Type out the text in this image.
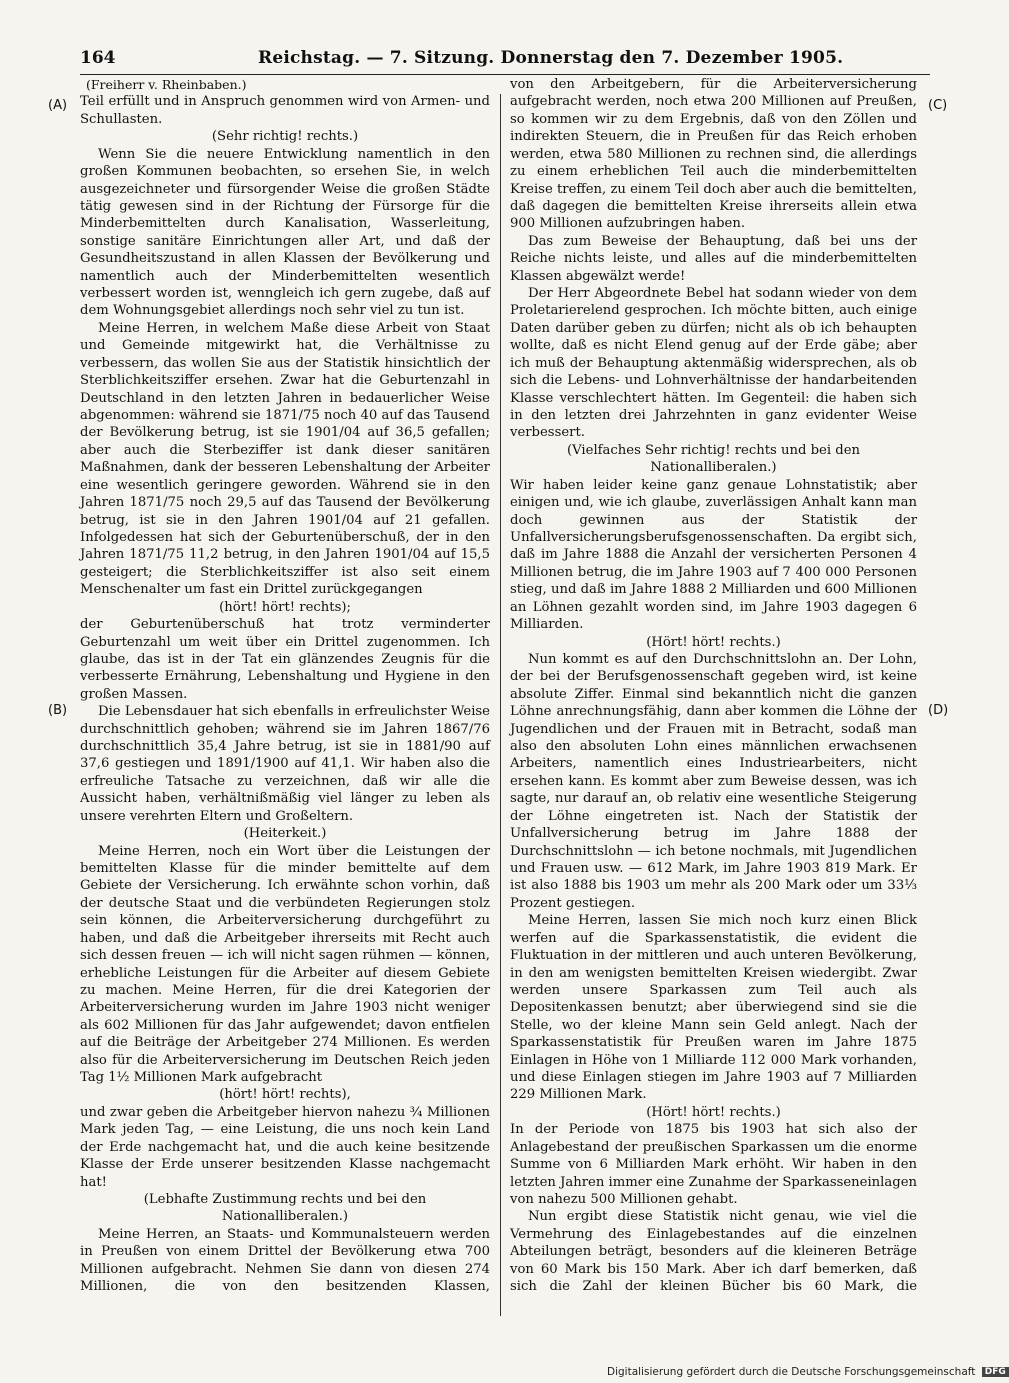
164	Reichstag. — 7. Sitzung. Donnerstag den 7. Dezember 1905.
(A)
(B)
(C)
(D)

(Freiherr v. Rheinbaben.)

Teil erfüllt und in Anspruch genommen wird von Armen- und Schullasten.

(Sehr richtig! rechts.)

Wenn Sie die neuere Entwicklung namentlich in den großen Kommunen beobachten, so ersehen Sie, in welch ausgezeichneter und fürsorgender Weise die großen Städte tätig gewesen sind in der Richtung der Fürsorge für die Minderbemittelten durch Kanalisation, Wasserleitung, sonstige sanitäre Einrichtungen aller Art, und daß der Gesundheitszustand in allen Klassen der Bevölkerung und namentlich auch der Minderbemittelten wesentlich verbessert worden ist, wenngleich ich gern zugebe, daß auf dem Wohnungsgebiet allerdings noch sehr viel zu tun ist.

Meine Herren, in welchem Maße diese Arbeit von Staat und Gemeinde mitgewirkt hat, die Verhältnisse zu verbessern, das wollen Sie aus der Statistik hinsichtlich der Sterblichkeitsziffer ersehen. Zwar hat die Geburtenzahl in Deutschland in den letzten Jahren in bedauerlicher Weise abgenommen: während sie 1871/75 noch 40 auf das Tausend der Bevölkerung betrug, ist sie 1901/04 auf 36,5 gefallen; aber auch die Sterbeziffer ist dank dieser sanitären Maßnahmen, dank der besseren Lebenshaltung der Arbeiter eine wesentlich geringere geworden. Während sie in den Jahren 1871/75 noch 29,5 auf das Tausend der Bevölkerung betrug, ist sie in den Jahren 1901/04 auf 21 gefallen. Infolgedessen hat sich der Geburtenüberschuß, der in den Jahren 1871/75 11,2 betrug, in den Jahren 1901/04 auf 15,5 gesteigert; die Sterblichkeitsziffer ist also seit einem Menschenalter um fast ein Drittel zurückgegangen

(hört! hört! rechts);

der Geburtenüberschuß hat trotz verminderter Geburtenzahl um weit über ein Drittel zugenommen. Ich glaube, das ist in der Tat ein glänzendes Zeugnis für die verbesserte Ernährung, Lebenshaltung und Hygiene in den großen Massen.

Die Lebensdauer hat sich ebenfalls in erfreulichster Weise durchschnittlich gehoben; während sie im Jahren 1867/76 durchschnittlich 35,4 Jahre betrug, ist sie in 1881/90 auf 37,6 gestiegen und 1891/1900 auf 41,1. Wir haben also die erfreuliche Tatsache zu verzeichnen, daß wir alle die Aussicht haben, verhältnißmäßig viel länger zu leben als unsere verehrten Eltern und Großeltern.

(Heiterkeit.)

Meine Herren, noch ein Wort über die Leistungen der bemittelten Klasse für die minder bemittelte auf dem Gebiete der Versicherung. Ich erwähnte schon vorhin, daß der deutsche Staat und die verbündeten Regierungen stolz sein können, die Arbeiterversicherung durchgeführt zu haben, und daß die Arbeitgeber ihrerseits mit Recht auch sich dessen freuen — ich will nicht sagen rühmen — können, erhebliche Leistungen für die Arbeiter auf diesem Gebiete zu machen. Meine Herren, für die drei Kategorien der Arbeiterversicherung wurden im Jahre 1903 nicht weniger als 602 Millionen für das Jahr aufgewendet; davon entfielen auf die Beiträge der Arbeitgeber 274 Millionen. Es werden also für die Arbeiterversicherung im Deutschen Reich jeden Tag 1½ Millionen Mark aufgebracht

(hört! hört! rechts),

und zwar geben die Arbeitgeber hiervon nahezu ¾ Millionen Mark jeden Tag, — eine Leistung, die uns noch kein Land der Erde nachgemacht hat, und die auch keine besitzende Klasse der Erde unserer besitzenden Klasse nachgemacht hat!

(Lebhafte Zustimmung rechts und bei den Nationalliberalen.)

Meine Herren, an Staats- und Kommunalsteuern werden in Preußen von einem Drittel der Bevölkerung etwa 700 Millionen aufgebracht. Nehmen Sie dann von diesen 274 Millionen, die von den besitzenden Klassen,

von den Arbeitgebern, für die Arbeiterversicherung aufgebracht werden, noch etwa 200 Millionen auf Preußen, so kommen wir zu dem Ergebnis, daß von den Zöllen und indirekten Steuern, die in Preußen für das Reich erhoben werden, etwa 580 Millionen zu rechnen sind, die allerdings zu einem erheblichen Teil auch die minderbemittelten Kreise treffen, zu einem Teil doch aber auch die bemittelten, daß dagegen die bemittelten Kreise ihrerseits allein etwa 900 Millionen aufzubringen haben.

Das zum Beweise der Behauptung, daß bei uns der Reiche nichts leiste, und alles auf die minderbemittelten Klassen abgewälzt werde!

Der Herr Abgeordnete Bebel hat sodann wieder von dem Proletarierelend gesprochen. Ich möchte bitten, auch einige Daten darüber geben zu dürfen; nicht als ob ich behaupten wollte, daß es nicht Elend genug auf der Erde gäbe; aber ich muß der Behauptung aktenmäßig widersprechen, als ob sich die Lebens- und Lohnverhältnisse der handarbeitenden Klasse verschlechtert hätten. Im Gegenteil: die haben sich in den letzten drei Jahrzehnten in ganz evidenter Weise verbessert.

(Vielfaches Sehr richtig! rechts und bei den Nationalliberalen.)

Wir haben leider keine ganz genaue Lohnstatistik; aber einigen und, wie ich glaube, zuverlässigen Anhalt kann man doch gewinnen aus der Statistik der Unfallversicherungsberufsgenossenschaften. Da ergibt sich, daß im Jahre 1888 die Anzahl der versicherten Personen 4 Millionen betrug, die im Jahre 1903 auf 7 400 000 Personen stieg, und daß im Jahre 1888 2 Milliarden und 600 Millionen an Löhnen gezahlt worden sind, im Jahre 1903 dagegen 6 Milliarden.

(Hört! hört! rechts.)

Nun kommt es auf den Durchschnittslohn an. Der Lohn, der bei der Berufsgenossenschaft gegeben wird, ist keine absolute Ziffer. Einmal sind bekanntlich nicht die ganzen Löhne anrechnungsfähig, dann aber kommen die Löhne der Jugendlichen und der Frauen mit in Betracht, sodaß man also den absoluten Lohn eines männlichen erwachsenen Arbeiters, namentlich eines Industriearbeiters, nicht ersehen kann. Es kommt aber zum Beweise dessen, was ich sagte, nur darauf an, ob relativ eine wesentliche Steigerung der Löhne eingetreten ist. Nach der Statistik der Unfallversicherung betrug im Jahre 1888 der Durchschnittslohn — ich betone nochmals, mit Jugendlichen und Frauen usw. — 612 Mark, im Jahre 1903 819 Mark. Er ist also 1888 bis 1903 um mehr als 200 Mark oder um 33⅓ Prozent gestiegen.

Meine Herren, lassen Sie mich noch kurz einen Blick werfen auf die Sparkassenstatistik, die evident die Fluktuation in der mittleren und auch unteren Bevölkerung, in den am wenigsten bemittelten Kreisen wiedergibt. Zwar werden unsere Sparkassen zum Teil auch als Depositenkassen benutzt; aber überwiegend sind sie die Stelle, wo der kleine Mann sein Geld anlegt. Nach der Sparkassenstatistik für Preußen waren im Jahre 1875 Einlagen in Höhe von 1 Milliarde 112 000 Mark vorhanden, und diese Einlagen stiegen im Jahre 1903 auf 7 Milliarden 229 Millionen Mark.

(Hört! hört! rechts.)

In der Periode von 1875 bis 1903 hat sich also der Anlagebestand der preußischen Sparkassen um die enorme Summe von 6 Milliarden Mark erhöht. Wir haben in den letzten Jahren immer eine Zunahme der Sparkasseneinlagen von nahezu 500 Millionen gehabt.

Nun ergibt diese Statistik nicht genau, wie viel die Vermehrung des Einlagebestandes auf die einzelnen Abteilungen beträgt, besonders auf die kleineren Beträge von 60 Mark bis 150 Mark. Aber ich darf bemerken, daß sich die Zahl der kleinen Bücher bis 60 Mark, die

Digitalisierung gefördert durch die Deutsche Forschungsgemeinschaft DFG
